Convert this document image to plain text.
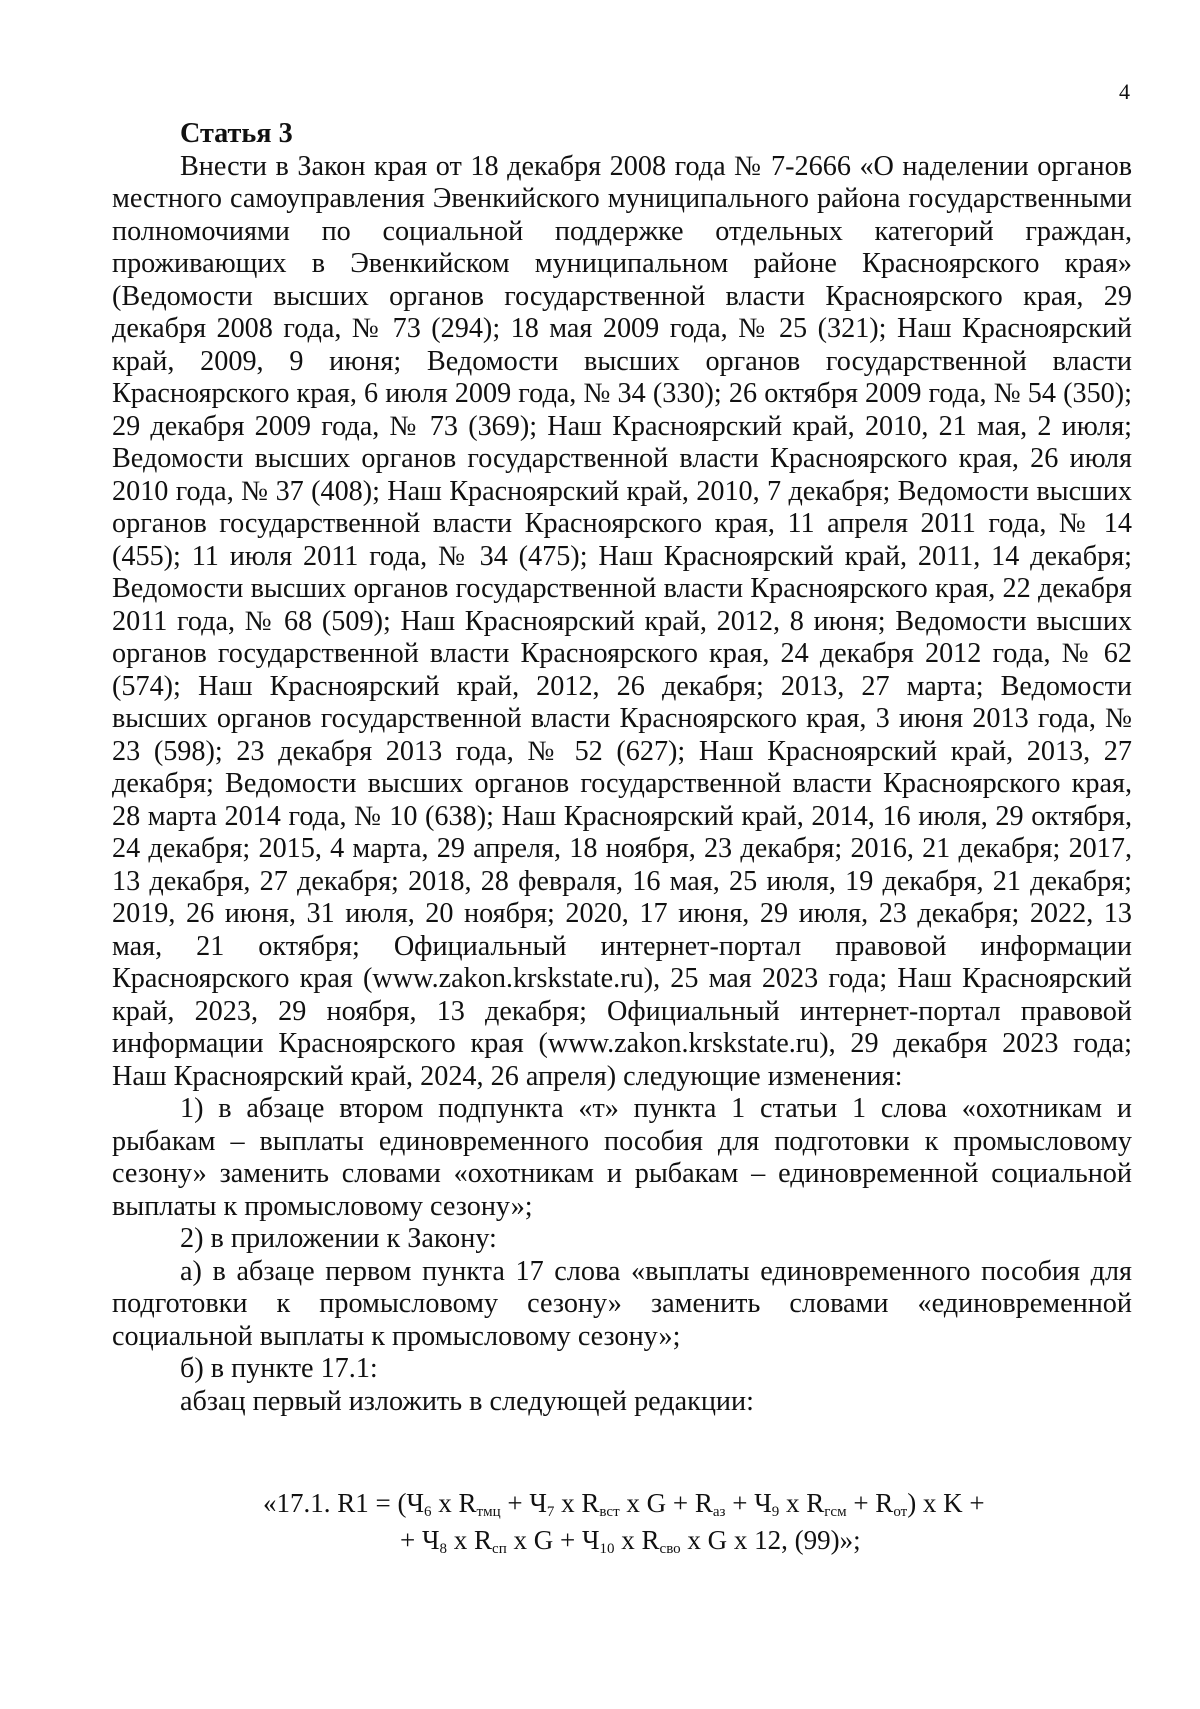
4

Статья 3

Внести в Закон края от 18 декабря 2008 года № 7-2666 «О наделении органов местного самоуправления Эвенкийского муниципального района государственными полномочиями по социальной поддержке отдельных категорий граждан, проживающих в Эвенкийском муниципальном районе Красноярского края» (Ведомости высших органов государственной власти Красноярского края, 29 декабря 2008 года, № 73 (294); 18 мая 2009 года, № 25 (321); Наш Красноярский край, 2009, 9 июня; Ведомости высших органов государственной власти Красноярского края, 6 июля 2009 года, № 34 (330); 26 октября 2009 года, № 54 (350); 29 декабря 2009 года, № 73 (369); Наш Красноярский край, 2010, 21 мая, 2 июля; Ведомости высших органов государственной власти Красноярского края, 26 июля 2010 года, № 37 (408); Наш Красноярский край, 2010, 7 декабря; Ведомости высших органов государственной власти Красноярского края, 11 апреля 2011 года, № 14 (455); 11 июля 2011 года, № 34 (475); Наш Красноярский край, 2011, 14 декабря; Ведомости высших органов государственной власти Красноярского края, 22 декабря 2011 года, № 68 (509); Наш Красноярский край, 2012, 8 июня; Ведомости высших органов государственной власти Красноярского края, 24 декабря 2012 года, № 62 (574); Наш Красноярский край, 2012, 26 декабря; 2013, 27 марта; Ведомости высших органов государственной власти Красноярского края, 3 июня 2013 года, № 23 (598); 23 декабря 2013 года, № 52 (627); Наш Красноярский край, 2013, 27 декабря; Ведомости высших органов государственной власти Красноярского края, 28 марта 2014 года, № 10 (638); Наш Красноярский край, 2014, 16 июля, 29 октября, 24 декабря; 2015, 4 марта, 29 апреля, 18 ноября, 23 декабря; 2016, 21 декабря; 2017, 13 декабря, 27 декабря; 2018, 28 февраля, 16 мая, 25 июля, 19 декабря, 21 декабря; 2019, 26 июня, 31 июля, 20 ноября; 2020, 17 июня, 29 июля, 23 декабря; 2022, 13 мая, 21 октября; Официальный интернет-портал правовой информации Красноярского края (www.zakon.krskstate.ru), 25 мая 2023 года; Наш Красноярский край, 2023, 29 ноября, 13 декабря; Официальный интернет-портал правовой информации Красноярского края (www.zakon.krskstate.ru), 29 декабря 2023 года; Наш Красноярский край, 2024, 26 апреля) следующие изменения:

1) в абзаце втором подпункта «т» пункта 1 статьи 1 слова «охотникам и рыбакам – выплаты единовременного пособия для подготовки к промысловому сезону» заменить словами «охотникам и рыбакам – единовременной социальной выплаты к промысловому сезону»;

2) в приложении к Закону:

а) в абзаце первом пункта 17 слова «выплаты единовременного пособия для подготовки к промысловому сезону» заменить словами «единовременной социальной выплаты к промысловому сезону»;

б) в пункте 17.1:

абзац первый изложить в следующей редакции:

«17.1. $R1 = (Ч_6$ x $R_{тмц} + Ч_7$ x $R_{вст}$ x $G + R_{аз} + Ч_9$ x $R_{гсм} + R_{от}$) x K +
+ $Ч_8$ x $R_{сп}$ x $G + Ч_{10}$ x $R_{сво}$ x G x 12, (99)»;
